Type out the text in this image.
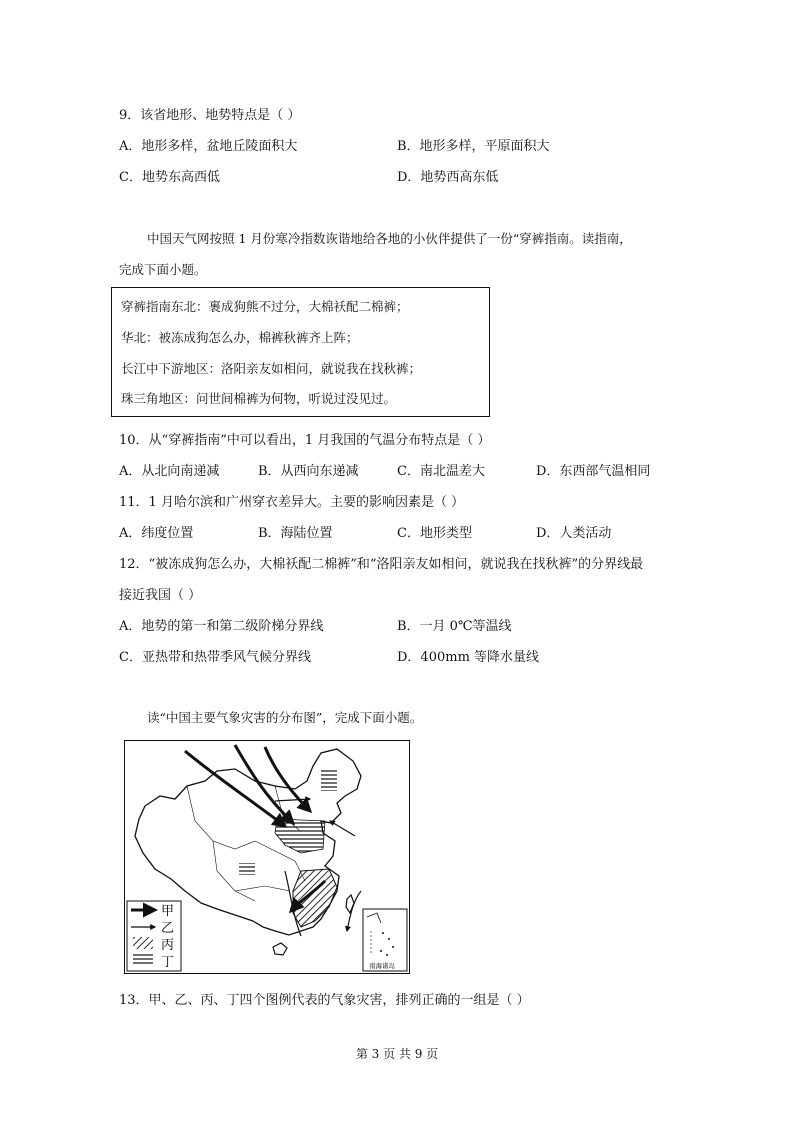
9．该省地形、地势特点是（ ）
A．地形多样，盆地丘陵面积大	B．地形多样，平原面积大
C．地势东高西低	D．地势西高东低
中国天气网按照 1 月份寒冷指数诙谐地给各地的小伙伴提供了一份“穿裤指南。读指南，
完成下面小题。
穿裤指南东北：裹成狗熊不过分，大棉袄配二棉裤；
华北：被冻成狗怎么办，棉裤秋裤齐上阵；
长江中下游地区：洛阳亲友如相问，就说我在找秋裤；
珠三角地区：问世间棉裤为何物，听说过没见过。
10．从“穿裤指南”中可以看出，1 月我国的气温分布特点是（ ）
A．从北向南递减	B．从西向东递减	C．南北温差大	D．东西部气温相同
11．1 月哈尔滨和广州穿衣差异大。主要的影响因素是（ ）
A．纬度位置	B．海陆位置	C．地形类型	D．人类活动
12．“被冻成狗怎么办，大棉袄配二棉裤”和“洛阳亲友如相问，就说我在找秋裤”的分界线最
接近我国（ ）
A．地势的第一和第二级阶梯分界线	B．一月 0℃等温线
C．亚热带和热带季风气候分界线	D．400mm 等降水量线
读“中国主要气象灾害的分布图”，完成下面小题。
甲
乙
丙
丁	南海诸岛
13．甲、乙、丙、丁四个图例代表的气象灾害，排列正确的一组是（ ）
第 3 页 共 9 页
